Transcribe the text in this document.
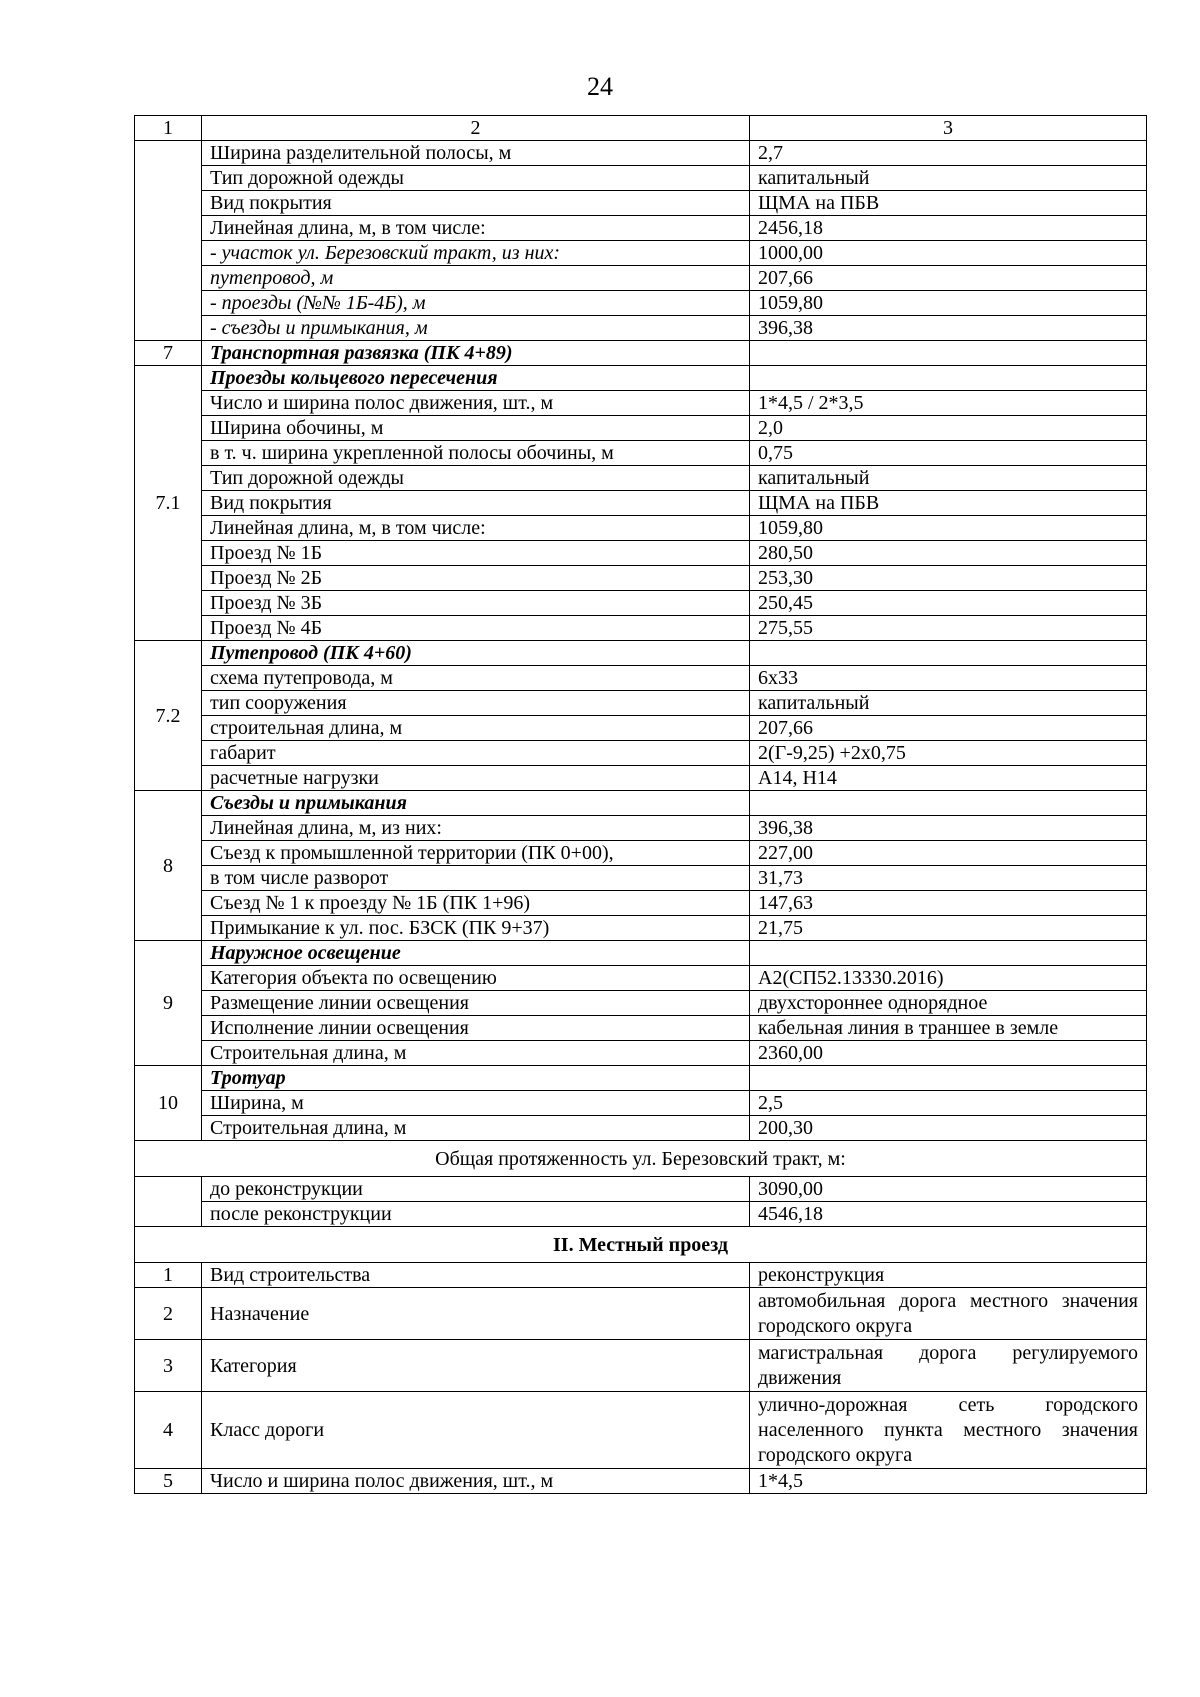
24
1	2	3
	Ширина разделительной полосы, м	2,7
	Тип дорожной одежды	капитальный
	Вид покрытия	ЩМА на ПБВ
	Линейная длина, м, в том числе:	2456,18
	- участок ул. Березовский тракт, из них:	1000,00
	путепровод, м	207,66
	- проезды (№№ 1Б-4Б), м	1059,80
	- съезды и примыкания, м	396,38
7	Транспортная развязка (ПК 4+89)	
7.1	Проезды кольцевого пересечения	
	Число и ширина полос движения, шт., м	1*4,5 / 2*3,5
	Ширина обочины, м	2,0
	в т. ч. ширина укрепленной полосы обочины, м	0,75
	Тип дорожной одежды	капитальный
	Вид покрытия	ЩМА на ПБВ
	Линейная длина, м, в том числе:	1059,80
	Проезд № 1Б	280,50
	Проезд № 2Б	253,30
	Проезд № 3Б	250,45
	Проезд № 4Б	275,55
7.2	Путепровод (ПК 4+60)	
	схема путепровода, м	6х33
	тип сооружения	капитальный
	строительная длина, м	207,66
	габарит	2(Г-9,25) +2х0,75
	расчетные нагрузки	А14, Н14
8	Съезды и примыкания	
	Линейная длина, м, из них:	396,38
	Съезд к промышленной территории (ПК 0+00),	227,00
	в том числе разворот	31,73
	Съезд № 1 к проезду № 1Б (ПК 1+96)	147,63
	Примыкание к ул. пос. БЗСК (ПК 9+37)	21,75
9	Наружное освещение	
	Категория объекта по освещению	А2(СП52.13330.2016)
	Размещение линии освещения	двухстороннее однорядное
	Исполнение линии освещения	кабельная линия в траншее в земле
	Строительная длина, м	2360,00
10	Тротуар	
	Ширина, м	2,5
	Строительная длина, м	200,30
Общая протяженность ул. Березовский тракт, м:		
	до реконструкции	3090,00
	после реконструкции	4546,18
II. Местный проезд		
1	Вид строительства	реконструкция
2	Назначение	автомобильная дорога местного значения городского округа
3	Категория	магистральная дорога регулируемого движения
4	Класс дороги	улично-дорожная сеть городского населенного пункта местного значения городского округа
5	Число и ширина полос движения, шт., м	1*4,5
